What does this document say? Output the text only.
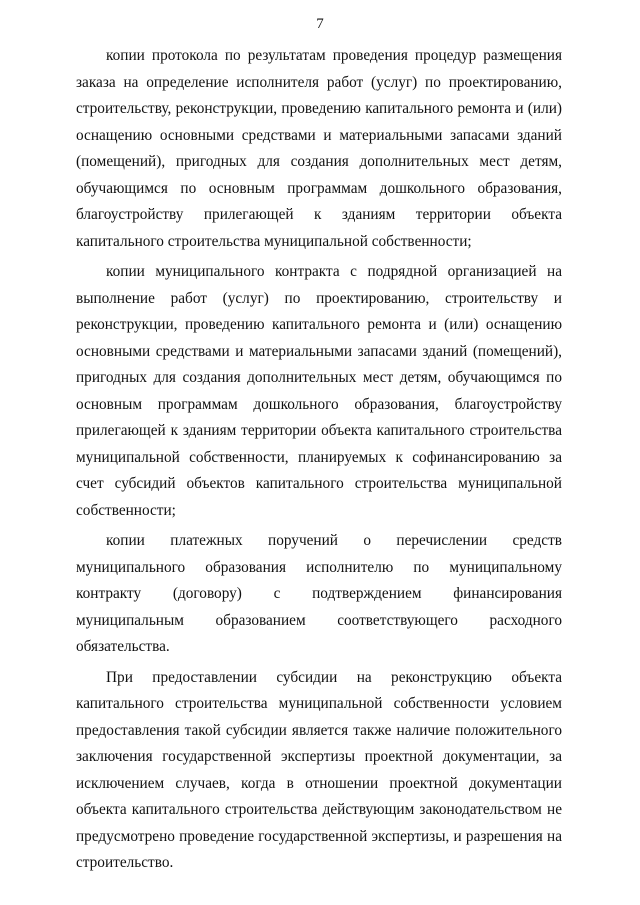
7

копии протокола по результатам проведения процедур размещения заказа на определение исполнителя работ (услуг) по проектированию, строительству, реконструкции, проведению капитального ремонта и (или) оснащению основными средствами и материальными запасами зданий (помещений), пригодных для создания дополнительных мест детям, обучающимся по основным программам дошкольного образования, благоустройству прилегающей к зданиям территории объекта капитального строительства муниципальной собственности;

копии муниципального контракта с подрядной организацией на выполнение работ (услуг) по проектированию, строительству и реконструкции, проведению капитального ремонта и (или) оснащению основными средствами и материальными запасами зданий (помещений), пригодных для создания дополнительных мест детям, обучающимся по основным программам дошкольного образования, благоустройству прилегающей к зданиям территории объекта капитального строительства муниципальной собственности, планируемых к софинансированию за счет субсидий объектов капитального строительства муниципальной собственности;

копии платежных поручений о перечислении средств муниципального образования исполнителю по муниципальному контракту (договору) с подтверждением финансирования муниципальным образованием соответствующего расходного обязательства.

При предоставлении субсидии на реконструкцию объекта капитального строительства муниципальной собственности условием предоставления такой субсидии является также наличие положительного заключения государственной экспертизы проектной документации, за исключением случаев, когда в отношении проектной документации объекта капитального строительства действующим законодательством не предусмотрено проведение государственной экспертизы, и разрешения на строительство.
